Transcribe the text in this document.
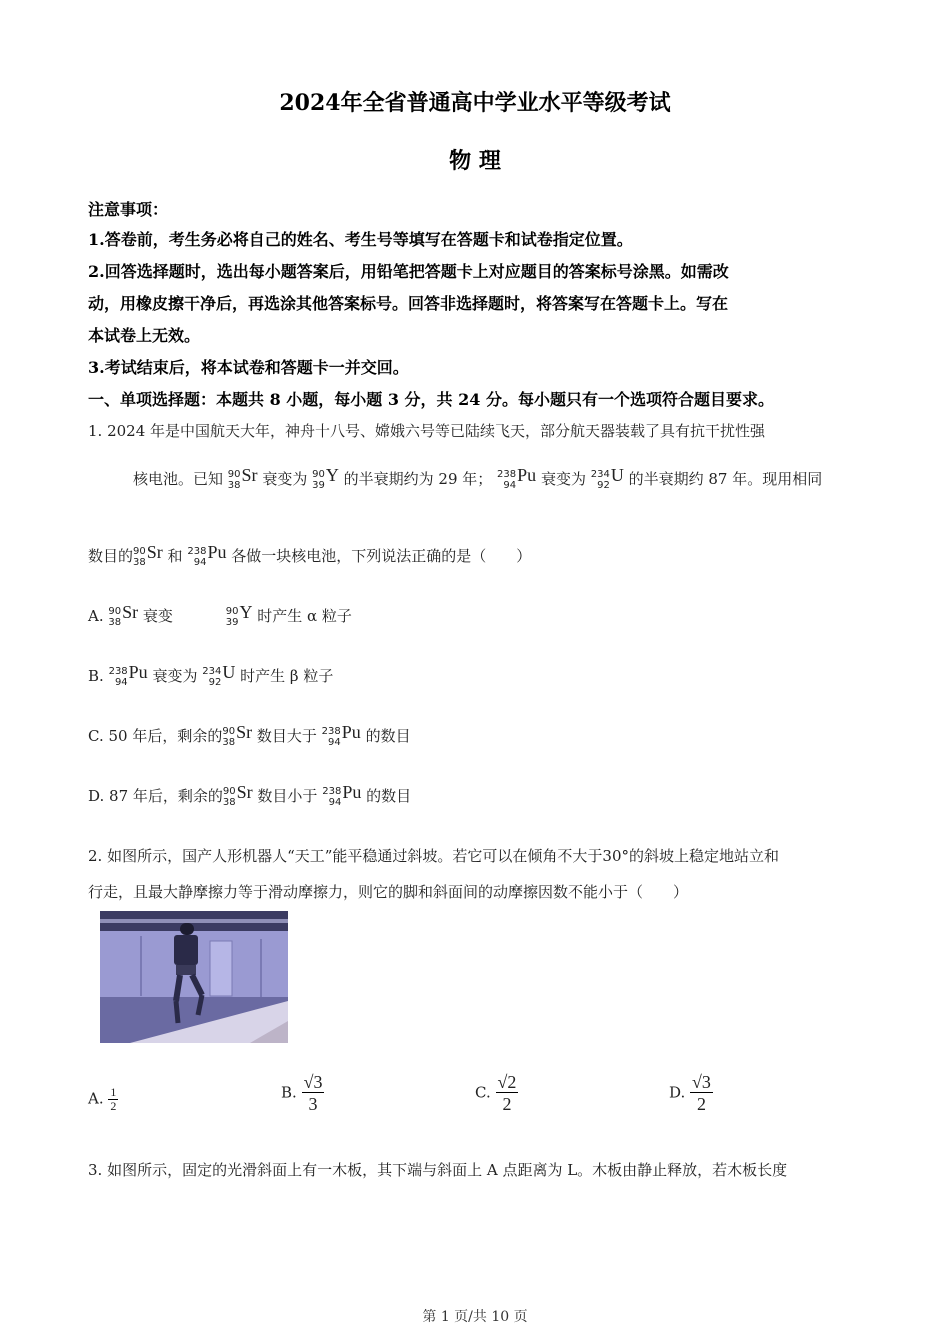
2024年全省普通高中学业水平等级考试
物 理
注意事项：
1.答卷前，考生务必将自己的姓名、考生号等填写在答题卡和试卷指定位置。
2.回答选择题时，选出每小题答案后，用铅笔把答题卡上对应题目的答案标号涂黑。如需改
动，用橡皮擦干净后，再选涂其他答案标号。回答非选择题时，将答案写在答题卡上。写在
本试卷上无效。
3.考试结束后，将本试卷和答题卡一并交回。
一、单项选择题：本题共 8 小题，每小题 3 分，共 24 分。每小题只有一个选项符合题目要求。
1. 2024 年是中国航天大年，神舟十八号、嫦娥六号等已陆续飞天，部分航天器装载了具有抗干扰性强
核电池。已知 90
38
Sr 衰变为 90
39
Y 的半衰期约为 29 年； 238
94
Pu 衰变为 234
92
U 的半衰期约 87 年。现用相同
数目的 90
38
Sr 和 238
94
Pu 各做一块核电池，下列说法正确的是（　　）
A. 90
38
Sr 衰变	90
39
Y 时产生 α 粒子
B. 238
94
Pu 衰变为 234
92
U 时产生 β 粒子
C. 50 年后，剩余的 90
38
Sr 数目大于 238
94
Pu 的数目
D. 87 年后，剩余的 90
38
Sr 数目小于 238
94
Pu 的数目
2. 如图所示，国产人形机器人“天工”能平稳通过斜坡。若它可以在倾角不大于30°的斜坡上稳定地站立和
行走，且最大静摩擦力等于滑动摩擦力，则它的脚和斜面间的动摩擦因数不能小于（　　）
A. $\frac{1}{2}$	B. $\frac{√3}{3}$	C. $\frac{√2}{2}$	D. $\frac{√3}{2}$
3. 如图所示，固定的光滑斜面上有一木板，其下端与斜面上 A 点距离为 L。木板由静止释放，若木板长度
第 1 页/共 10 页
